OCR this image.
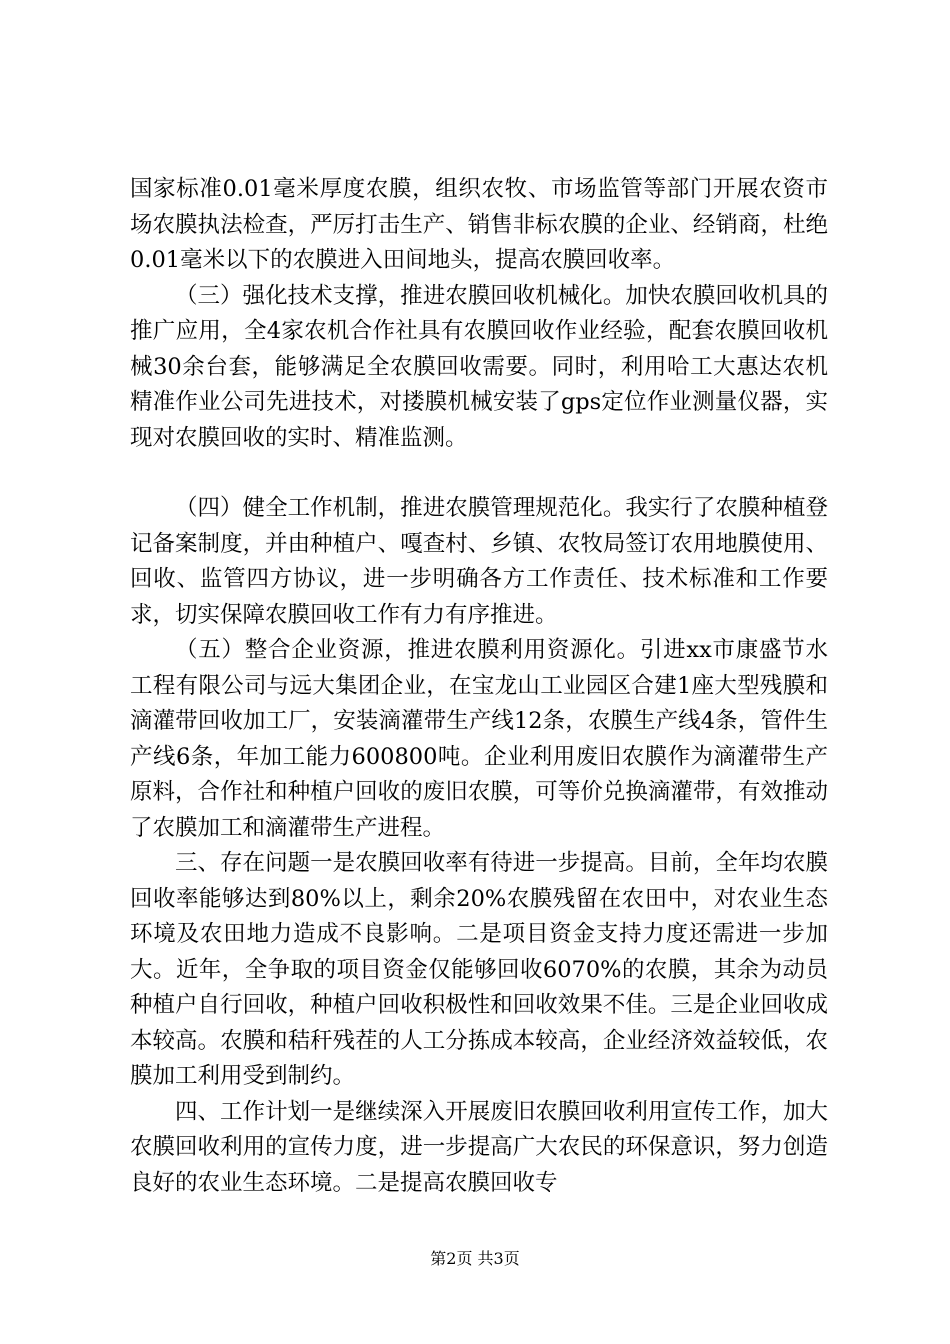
国家标准0.01毫米厚度农膜，组织农牧、市场监管等部门开展农资市场农膜执法检查，严厉打击生产、销售非标农膜的企业、经销商，杜绝0.01毫米以下的农膜进入田间地头，提高农膜回收率。

（三）强化技术支撑，推进农膜回收机械化。加快农膜回收机具的推广应用，全4家农机合作社具有农膜回收作业经验，配套农膜回收机械30余台套，能够满足全农膜回收需要。同时，利用哈工大惠达农机精准作业公司先进技术，对搂膜机械安装了gps定位作业测量仪器，实现对农膜回收的实时、精准监测。

（四）健全工作机制，推进农膜管理规范化。我实行了农膜种植登记备案制度，并由种植户、嘎查村、乡镇、农牧局签订农用地膜使用、回收、监管四方协议，进一步明确各方工作责任、技术标准和工作要求，切实保障农膜回收工作有力有序推进。

（五）整合企业资源，推进农膜利用资源化。引进xx市康盛节水工程有限公司与远大集团企业，在宝龙山工业园区合建1座大型残膜和滴灌带回收加工厂，安装滴灌带生产线12条，农膜生产线4条，管件生产线6条，年加工能力600800吨。企业利用废旧农膜作为滴灌带生产原料，合作社和种植户回收的废旧农膜，可等价兑换滴灌带，有效推动了农膜加工和滴灌带生产进程。

三、存在问题一是农膜回收率有待进一步提高。目前，全年均农膜回收率能够达到80%以上，剩余20%农膜残留在农田中，对农业生态环境及农田地力造成不良影响。二是项目资金支持力度还需进一步加大。近年，全争取的项目资金仅能够回收6070%的农膜，其余为动员种植户自行回收，种植户回收积极性和回收效果不佳。三是企业回收成本较高。农膜和秸秆残茬的人工分拣成本较高，企业经济效益较低，农膜加工利用受到制约。

四、工作计划一是继续深入开展废旧农膜回收利用宣传工作，加大农膜回收利用的宣传力度，进一步提高广大农民的环保意识，努力创造良好的农业生态环境。二是提高农膜回收专

第2页 共3页
